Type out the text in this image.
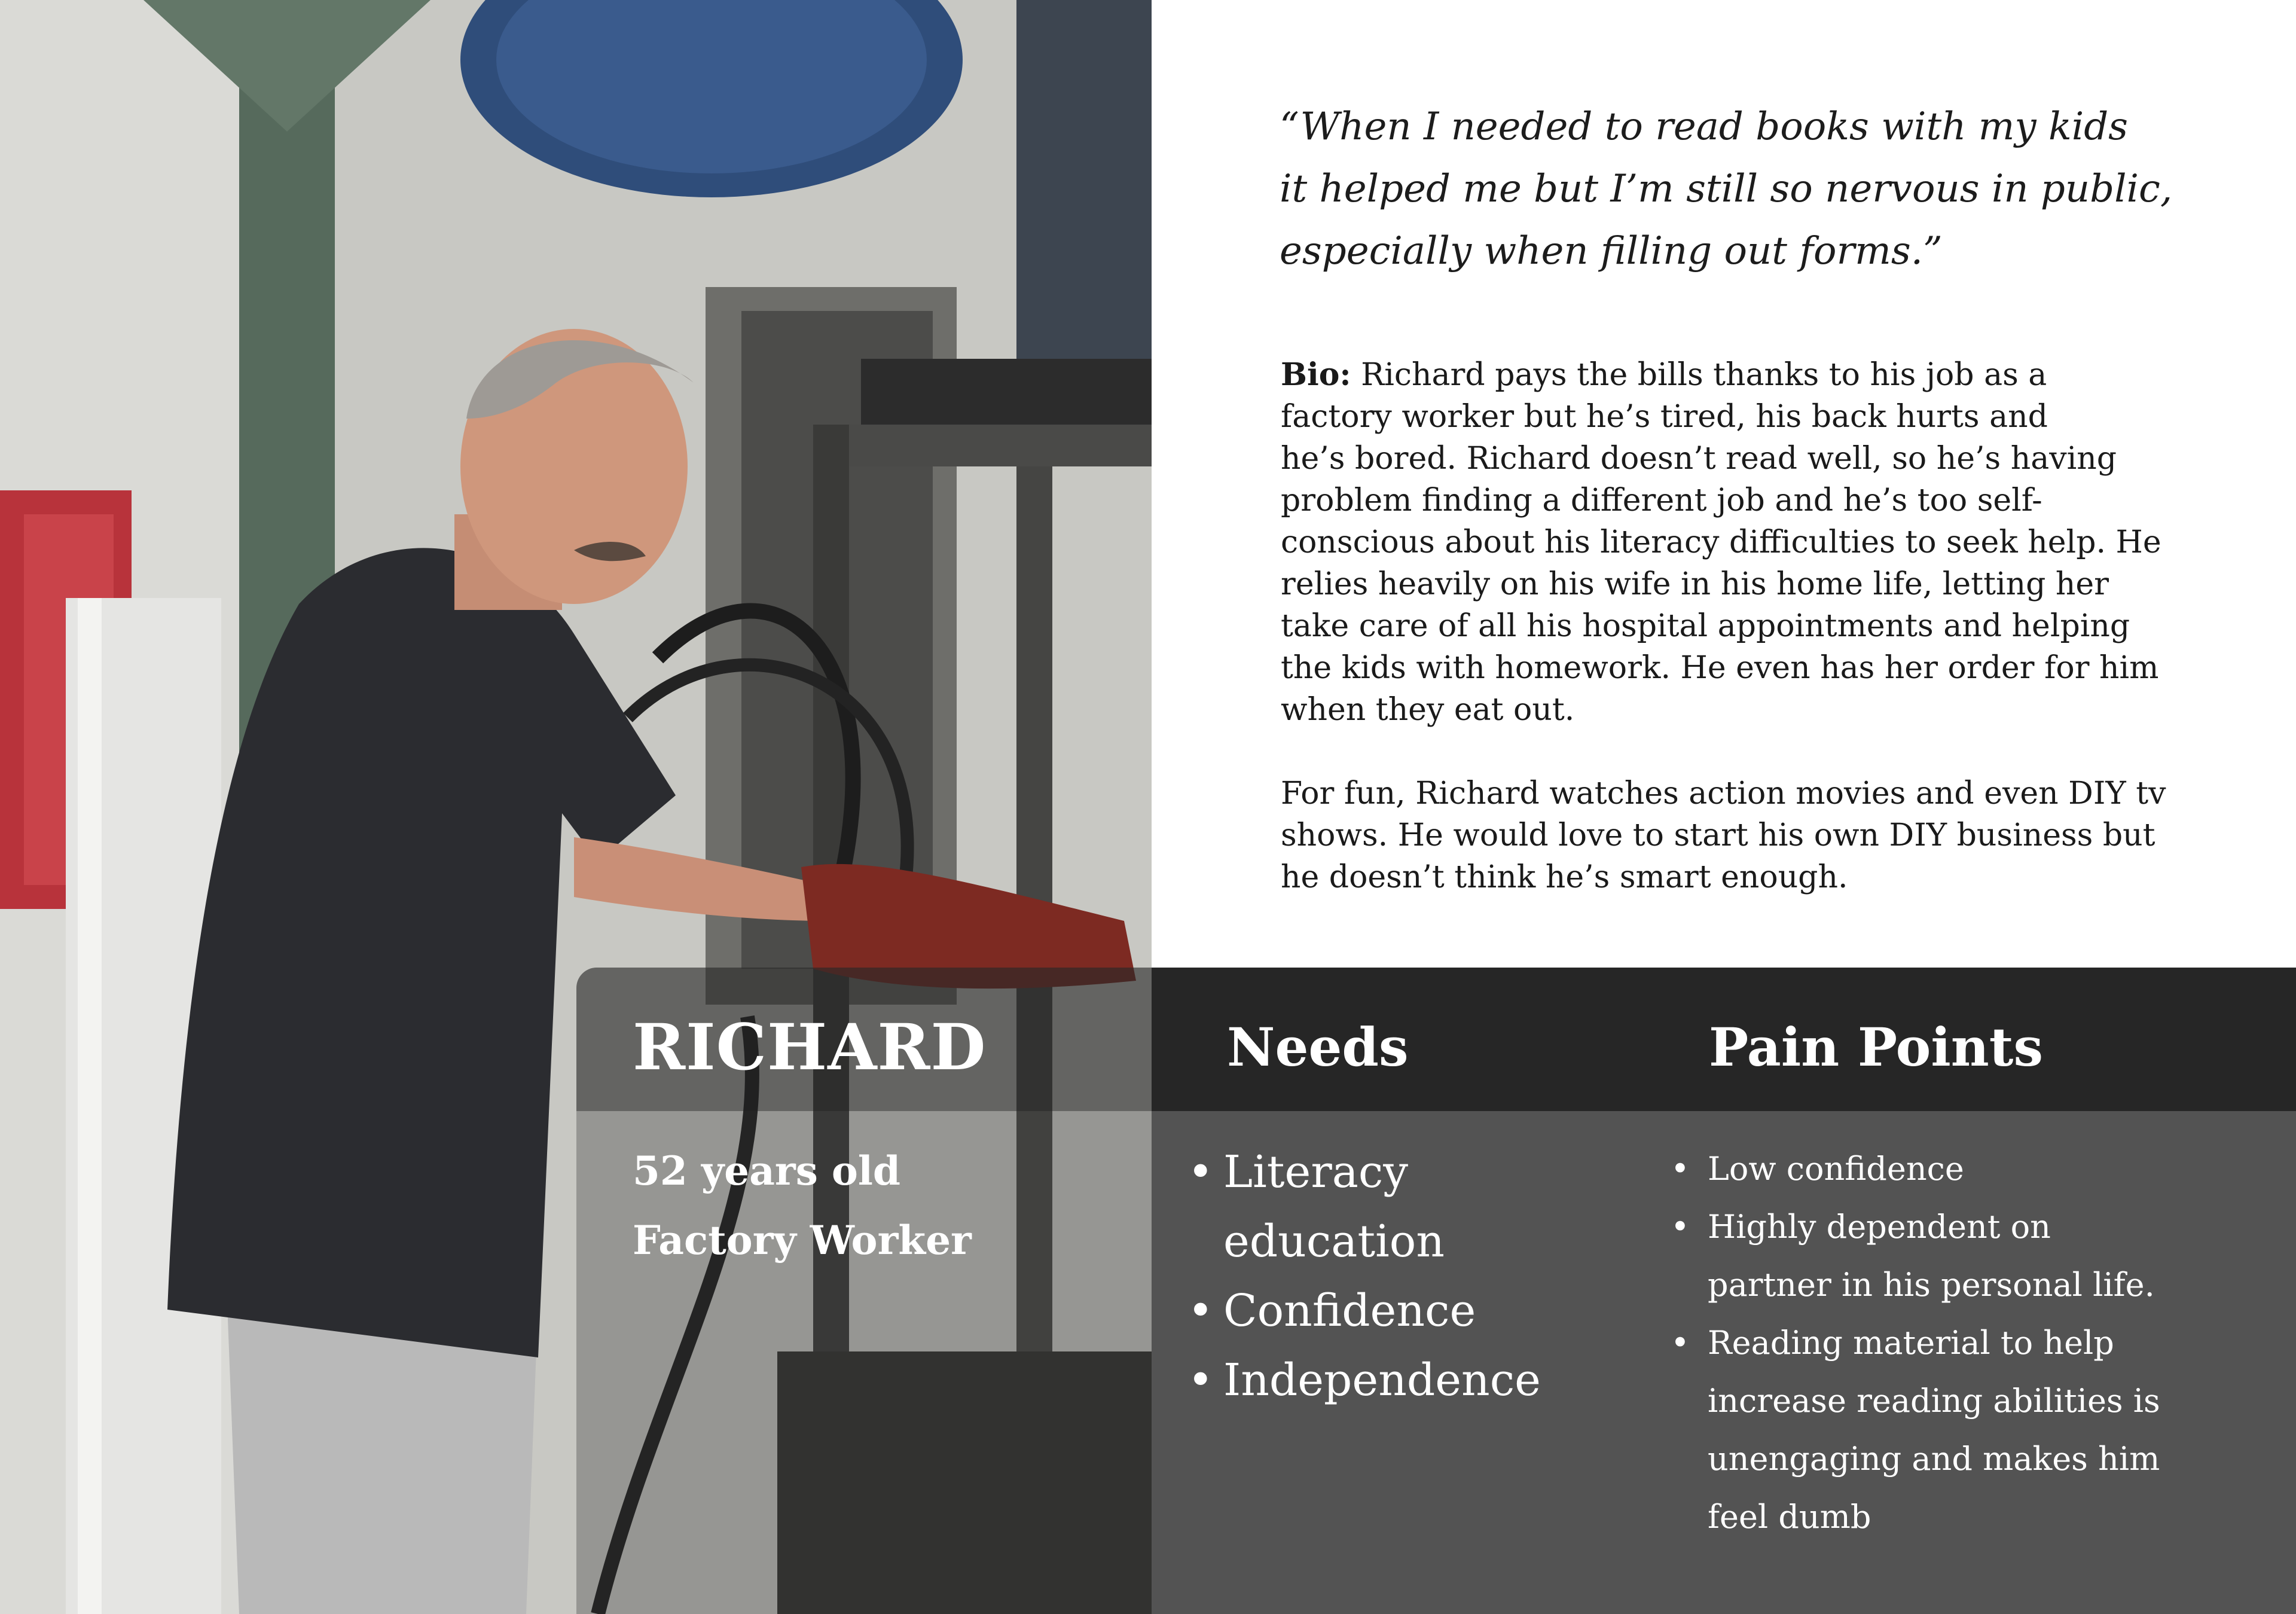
“When I needed to read books with my kids
it helped me but I’m still so nervous in public,
especially when filling out forms.”

Bio: Richard pays the bills thanks to his job as a
factory worker but he’s tired, his back hurts and
he’s bored. Richard doesn’t read well, so he’s having
problem finding a different job and he’s too self-
conscious about his literacy difficulties to seek help. He
relies heavily on his wife in his home life, letting her
take care of all his hospital appointments and helping
the kids with homework. He even has her order for him
when they eat out.

For fun, Richard watches action movies and even DIY tv
shows. He would love to start his own DIY business but
he doesn’t think he’s smart enough.

RICHARD
52 years old
Factory Worker
Needs
• Literacy education
• Confidence
• Independence
Pain Points
• Low confidence
• Highly dependent on
partner in his personal life.
• Reading material to help
increase reading abilities is
unengaging and makes him
feel dumb
